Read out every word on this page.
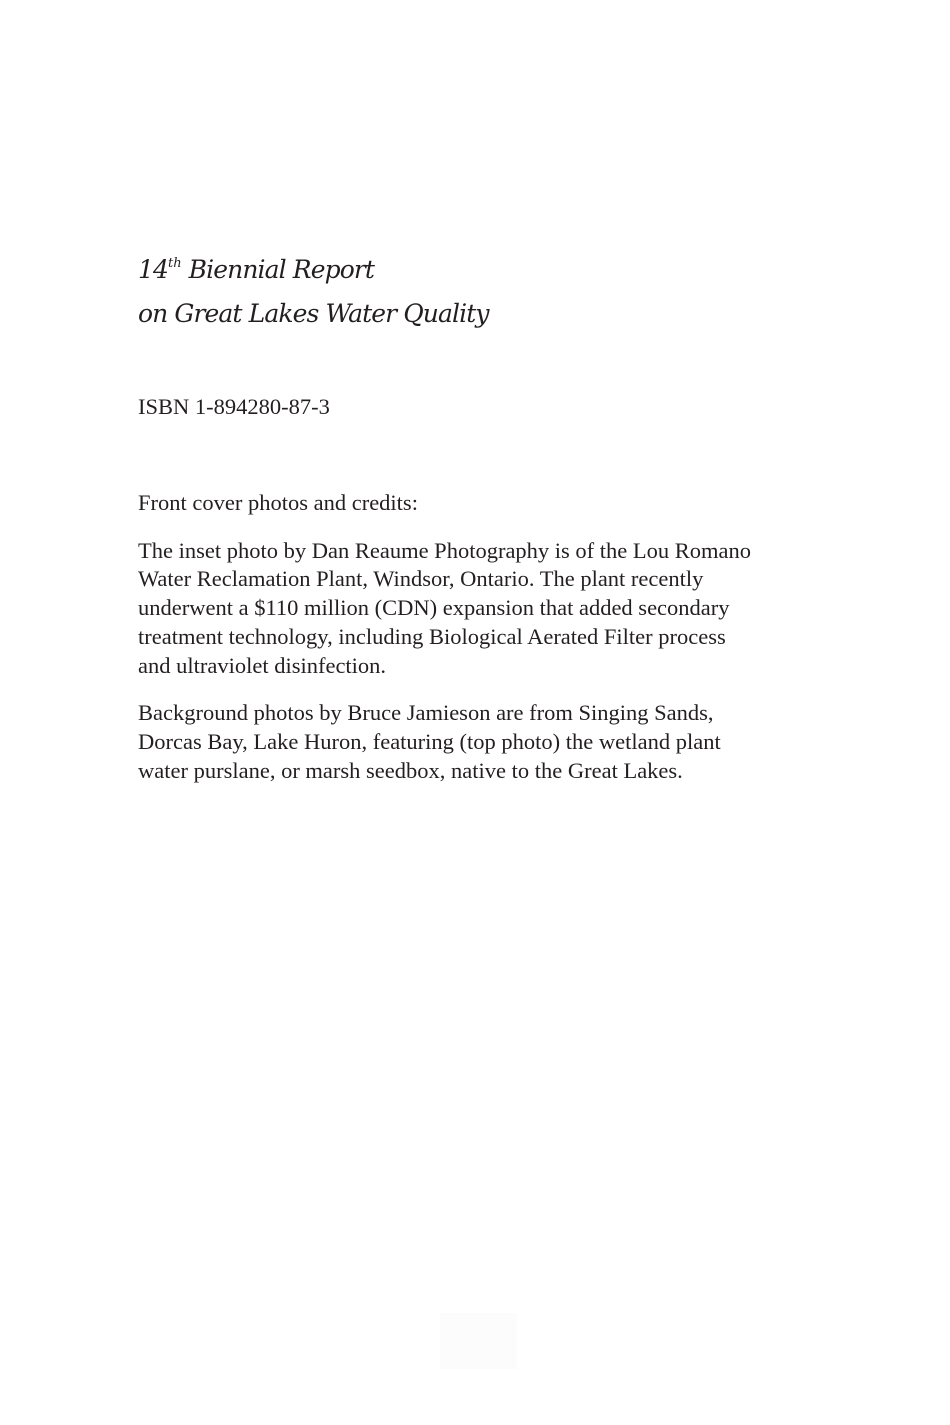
14th Biennial Report
on Great Lakes Water Quality
ISBN 1-894280-87-3

Front cover photos and credits:

The inset photo by Dan Reaume Photography is of the Lou Romano
Water Reclamation Plant, Windsor, Ontario. The plant recently
underwent a $110 million (CDN) expansion that added secondary
treatment technology, including Biological Aerated Filter process
and ultraviolet disinfection.

Background photos by Bruce Jamieson are from Singing Sands,
Dorcas Bay, Lake Huron, featuring (top photo) the wetland plant
water purslane, or marsh seedbox, native to the Great Lakes.
